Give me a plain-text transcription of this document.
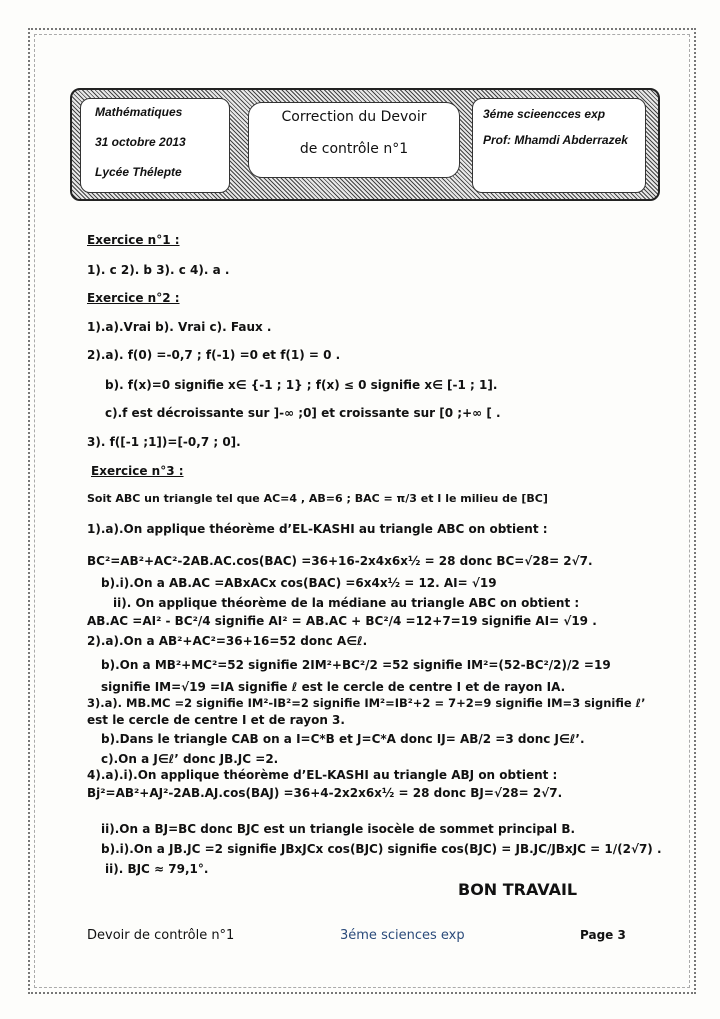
Mathématiques
31 octobre 2013
Lycée Thélepte
Correction du Devoir
de contrôle n°1
3éme scieencces exp
Prof: Mhamdi Abderrazek
Exercice n°1 :
1). c 2). b 3). c 4). a .
Exercice n°2 :
1).a).Vrai b). Vrai c). Faux .
2).a). f(0) =-0,7 ; f(-1) =0 et f(1) = 0 .
b). f(x)=0 signifie x∈ {-1 ; 1} ; f(x) ≤ 0 signifie x∈ [-1 ; 1].
c).f est décroissante sur ]-∞ ;0] et croissante sur [0 ;+∞ [ .
3). f([-1 ;1])=[-0,7 ; 0].
Exercice n°3 :
Soit ABC un triangle tel que AC=4 , AB=6 ; BAC = π/3 et I le milieu de [BC]
1).a).On applique théorème d’EL-KASHI au triangle ABC on obtient :
BC²=AB²+AC²-2AB.AC.cos(BAC) =36+16-2x4x6x½ = 28 donc BC=√28= 2√7.
b).i).On a AB.AC =ABxACx cos(BAC) =6x4x½ = 12. AI= √19
ii). On applique théorème de la médiane au triangle ABC on obtient :
AB.AC =AI² - BC²/4 signifie AI² = AB.AC + BC²/4 =12+7=19 signifie AI= √19 .
2).a).On a AB²+AC²=36+16=52 donc A∈ℓ.
b).On a MB²+MC²=52 signifie 2IM²+BC²/2 =52 signifie IM²=(52-BC²/2)/2 =19
signifie IM=√19 =IA signifie ℓ est le cercle de centre I et de rayon IA.
3).a). MB.MC =2 signifie IM²-IB²=2 signifie IM²=IB²+2 = 7+2=9 signifie IM=3 signifie ℓ’
est le cercle de centre I et de rayon 3.
b).Dans le triangle CAB on a I=C*B et J=C*A donc IJ= AB/2 =3 donc J∈ℓ’.
c).On a J∈ℓ’ donc JB.JC =2.
4).a).i).On applique théorème d’EL-KASHI au triangle ABJ on obtient :
Bj²=AB²+AJ²-2AB.AJ.cos(BAJ) =36+4-2x2x6x½ = 28 donc BJ=√28= 2√7.
ii).On a BJ=BC donc BJC est un triangle isocèle de sommet principal B.
b).i).On a JB.JC =2 signifie JBxJCx cos(BJC) signifie cos(BJC) = JB.JC/JBxJC = 1/(2√7) .
ii). BJC ≈ 79,1°.
BON TRAVAIL
Devoir de contrôle n°1	3éme sciences exp	Page 3
